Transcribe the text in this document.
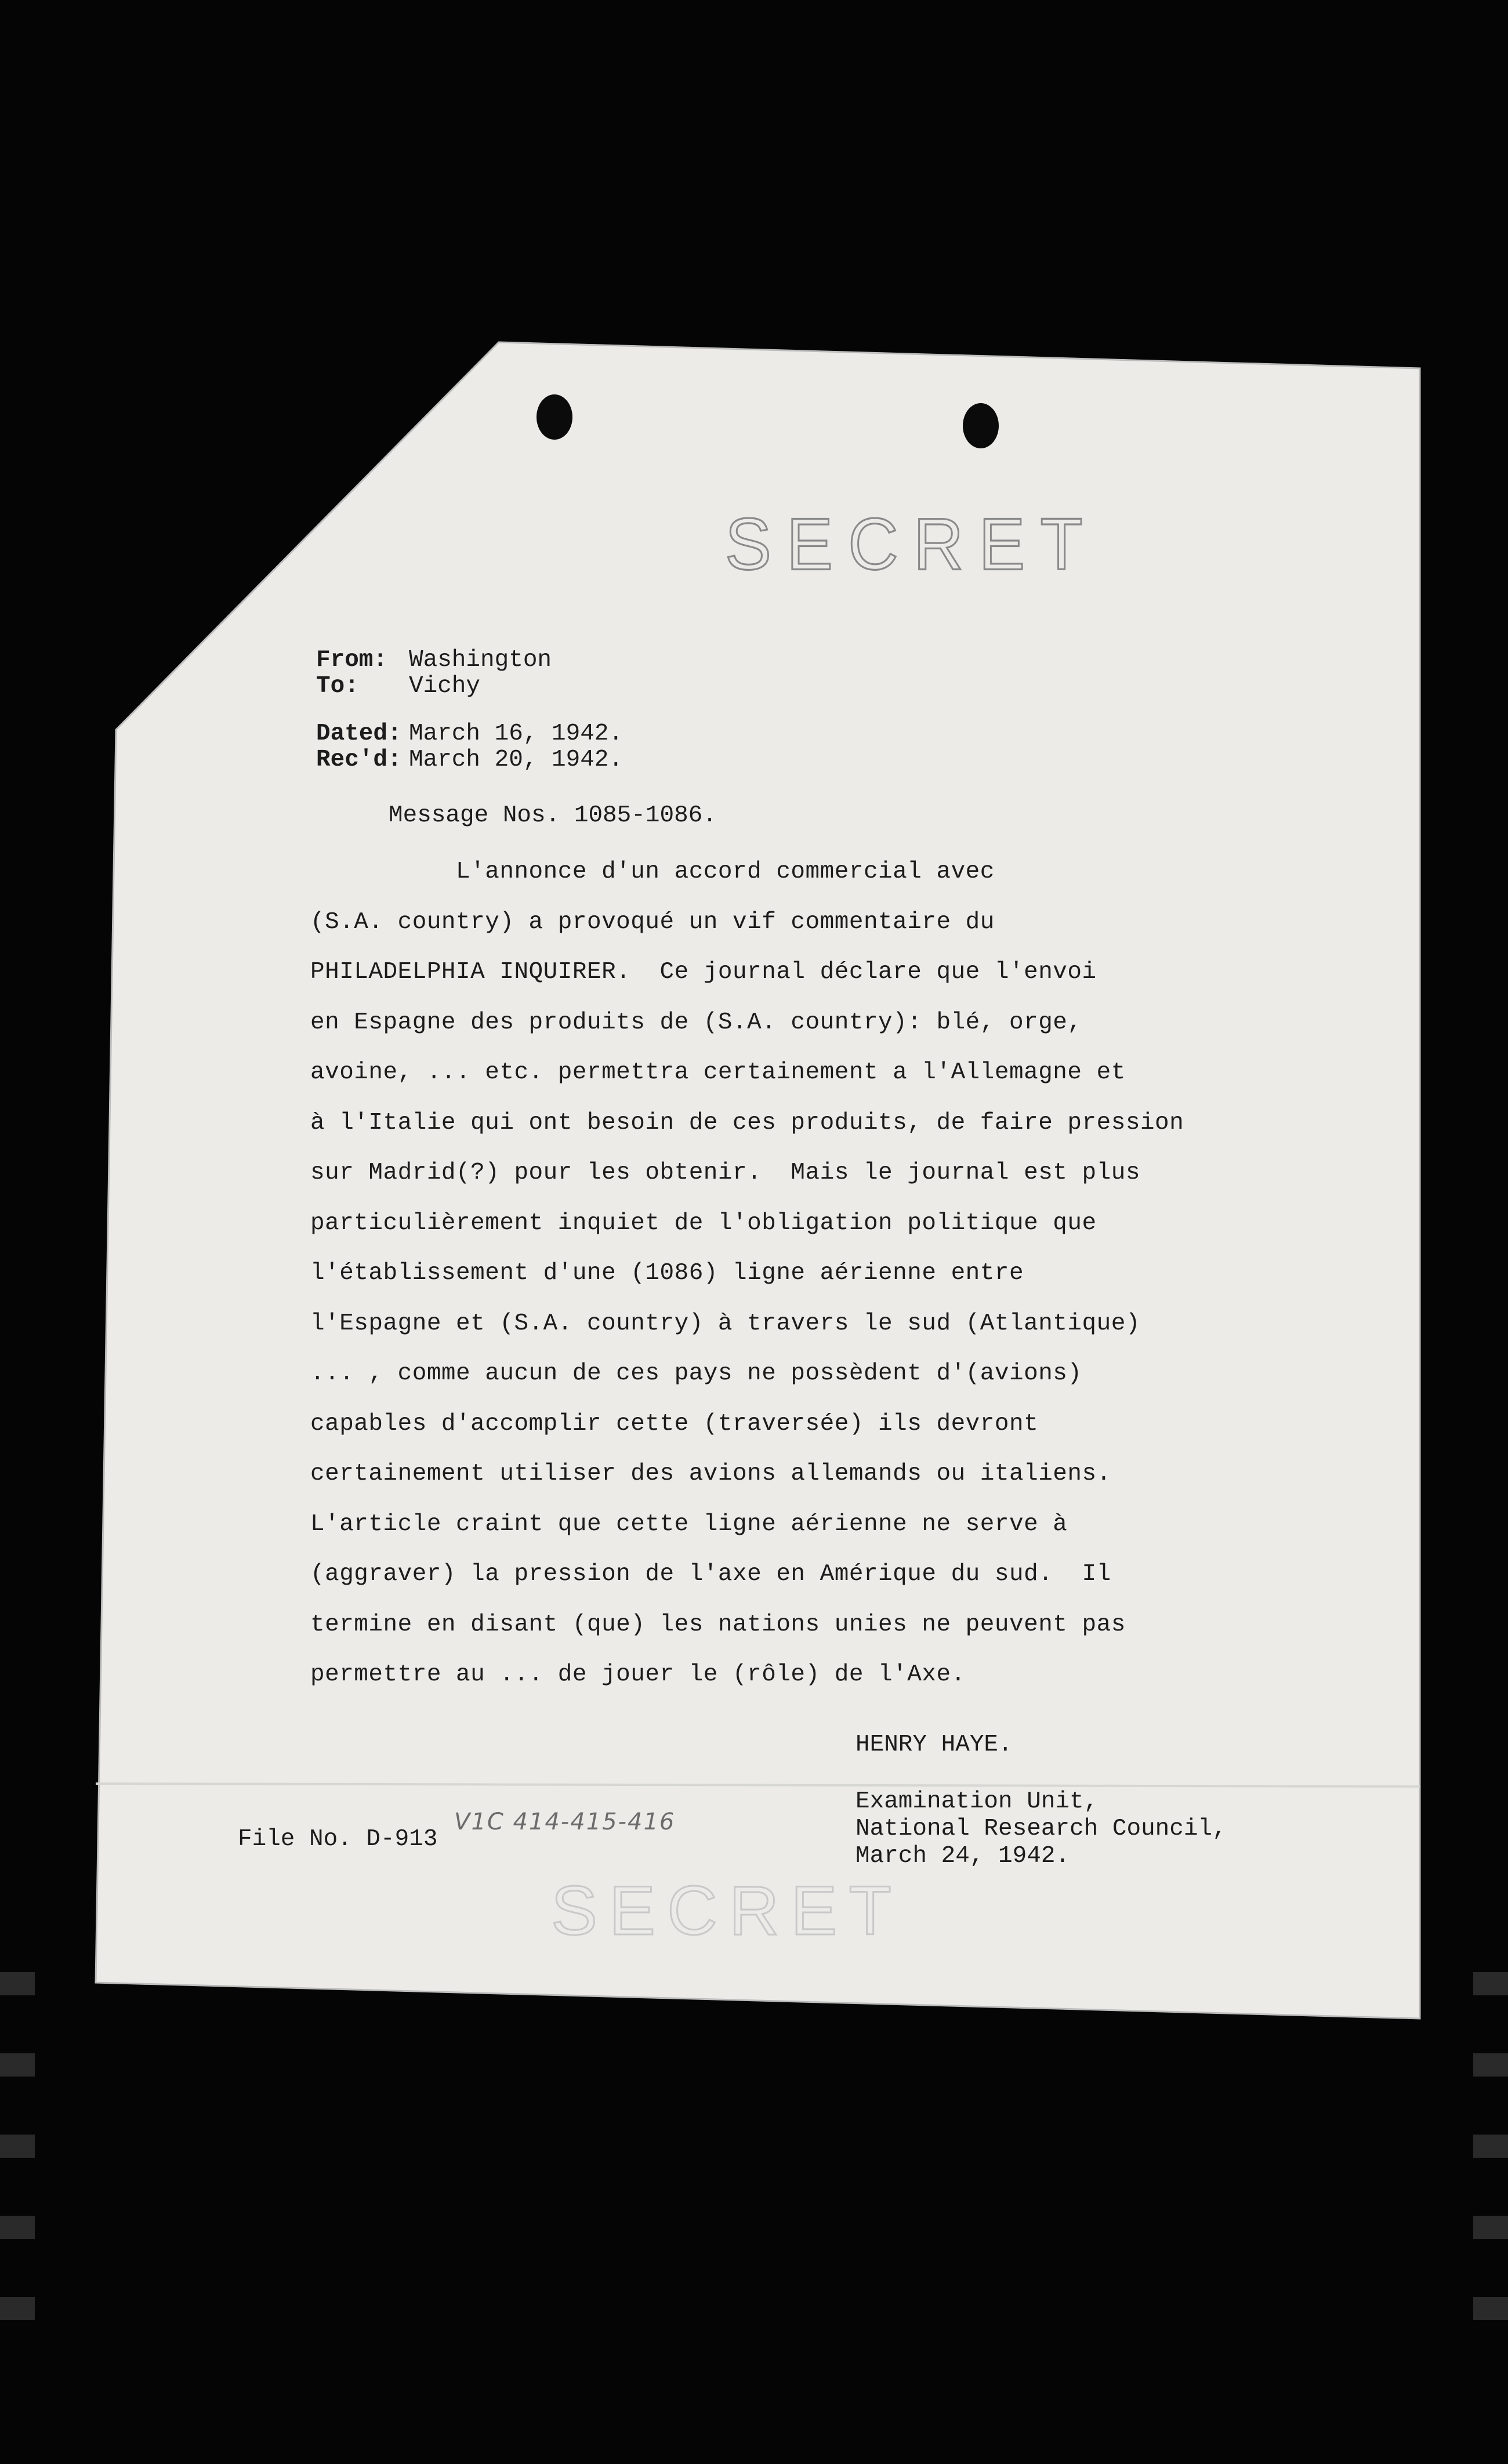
SECRET
From: Washington
To: Vichy
Dated: March 16, 1942.
Rec'd: March 20, 1942.
Message Nos. 1085-1086.
L'annonce d'un accord commercial avec
(S.A. country) a provoqué un vif commentaire du
PHILADELPHIA INQUIRER.  Ce journal déclare que l'envoi
en Espagne des produits de (S.A. country): blé, orge,
avoine, ... etc. permettra certainement a l'Allemagne et
à l'Italie qui ont besoin de ces produits, de faire pression
sur Madrid(?) pour les obtenir.  Mais le journal est plus
particulièrement inquiet de l'obligation politique que
l'établissement d'une (1086) ligne aérienne entre
l'Espagne et (S.A. country) à travers le sud (Atlantique)
... , comme aucun de ces pays ne possèdent d'(avions)
capables d'accomplir cette (traversée) ils devront
certainement utiliser des avions allemands ou italiens.
L'article craint que cette ligne aérienne ne serve à
(aggraver) la pression de l'axe en Amérique du sud.  Il
termine en disant (que) les nations unies ne peuvent pas
permettre au ... de jouer le (rôle) de l'Axe.
HENRY HAYE.
Examination Unit,
National Research Council,
March 24, 1942.
File No. D-913
V1C 414-415-416
SECRET
